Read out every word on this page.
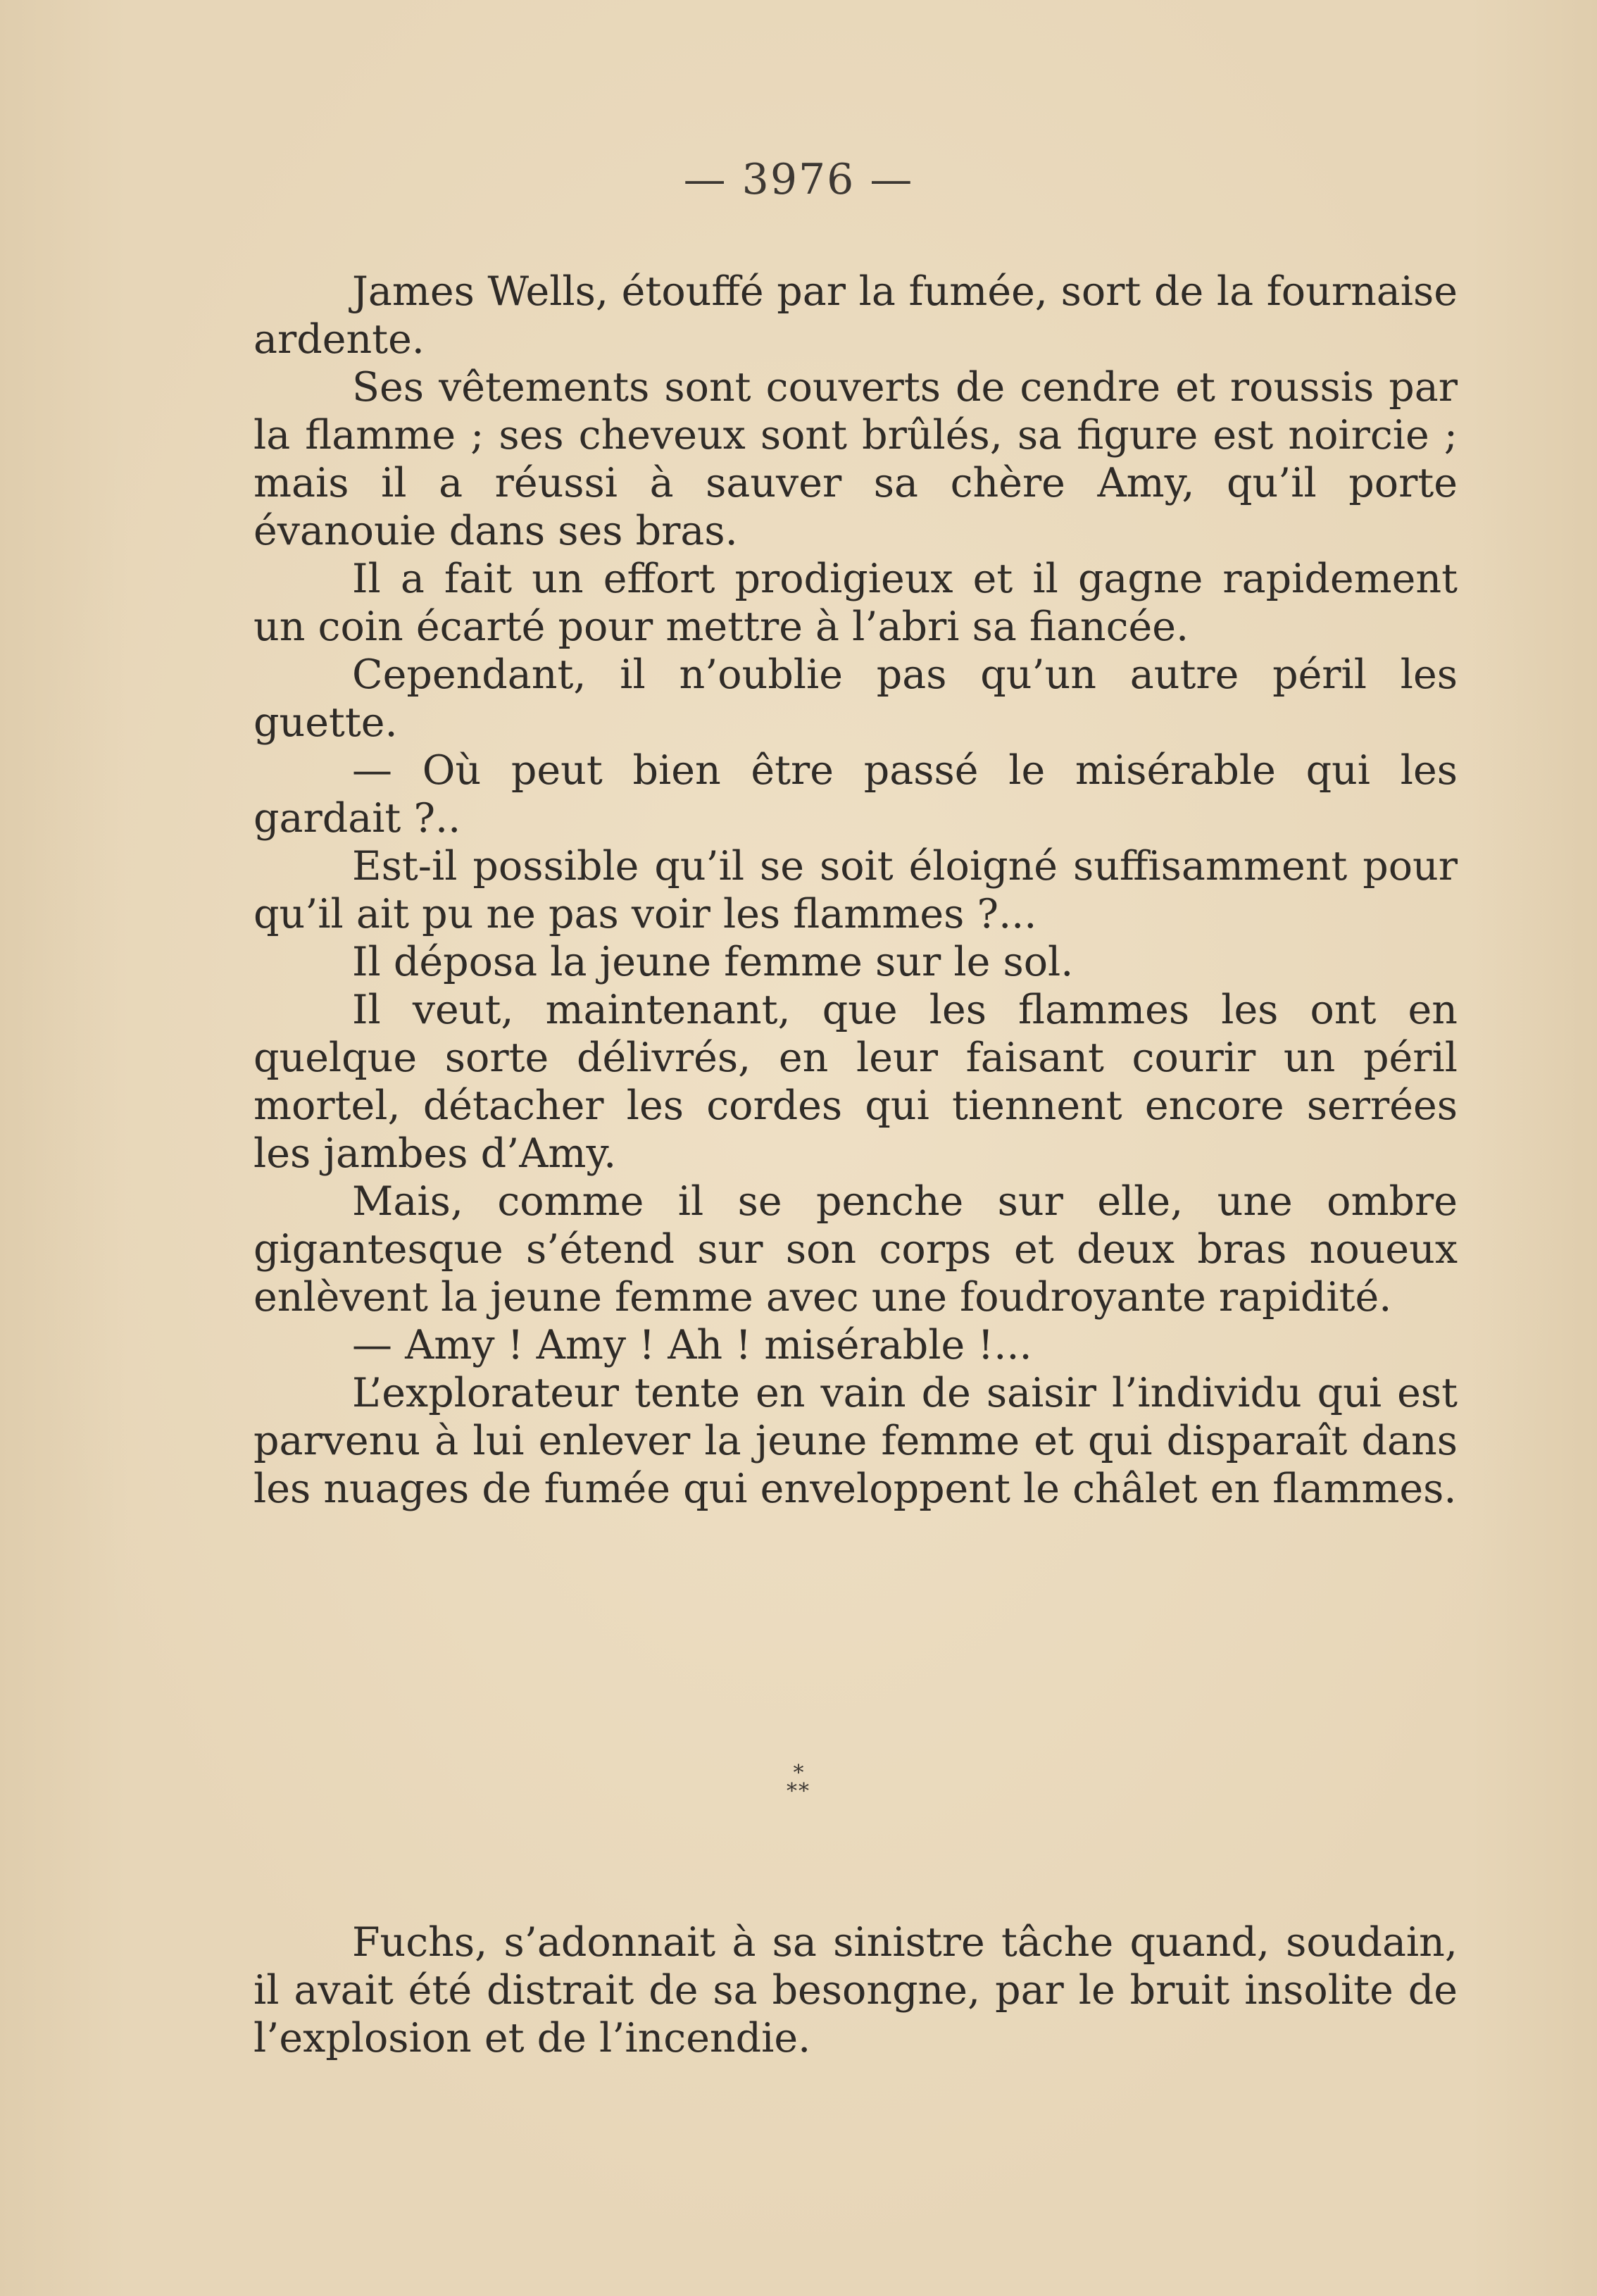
— 3976 —

James Wells, étouffé par la fumée, sort de la fournaise ardente.

Ses vêtements sont couverts de cendre et roussis par la flamme ; ses cheveux sont brûlés, sa figure est noircie ; mais il a réussi à sauver sa chère Amy, qu’il porte évanouie dans ses bras.

Il a fait un effort prodigieux et il gagne rapidement un coin écarté pour mettre à l’abri sa fiancée.

Cependant, il n’oublie pas qu’un autre péril les guette.

— Où peut bien être passé le misérable qui les gardait ?..

Est-il possible qu’il se soit éloigné suffisamment pour qu’il ait pu ne pas voir les flammes ?...

Il déposa la jeune femme sur le sol.

Il veut, maintenant, que les flammes les ont en quelque sorte délivrés, en leur faisant courir un péril mortel, détacher les cordes qui tiennent encore serrées les jambes d’Amy.

Mais, comme il se penche sur elle, une ombre gigantesque s’étend sur son corps et deux bras noueux enlèvent la jeune femme avec une foudroyante rapidité.

— Amy ! Amy ! Ah ! misérable !...

L’explorateur tente en vain de saisir l’individu qui est parvenu à lui enlever la jeune femme et qui disparaît dans les nuages de fumée qui enveloppent le châlet en flammes.

*
**

Fuchs, s’adonnait à sa sinistre tâche quand, soudain, il avait été distrait de sa besongne, par le bruit insolite de l’explosion et de l’incendie.
